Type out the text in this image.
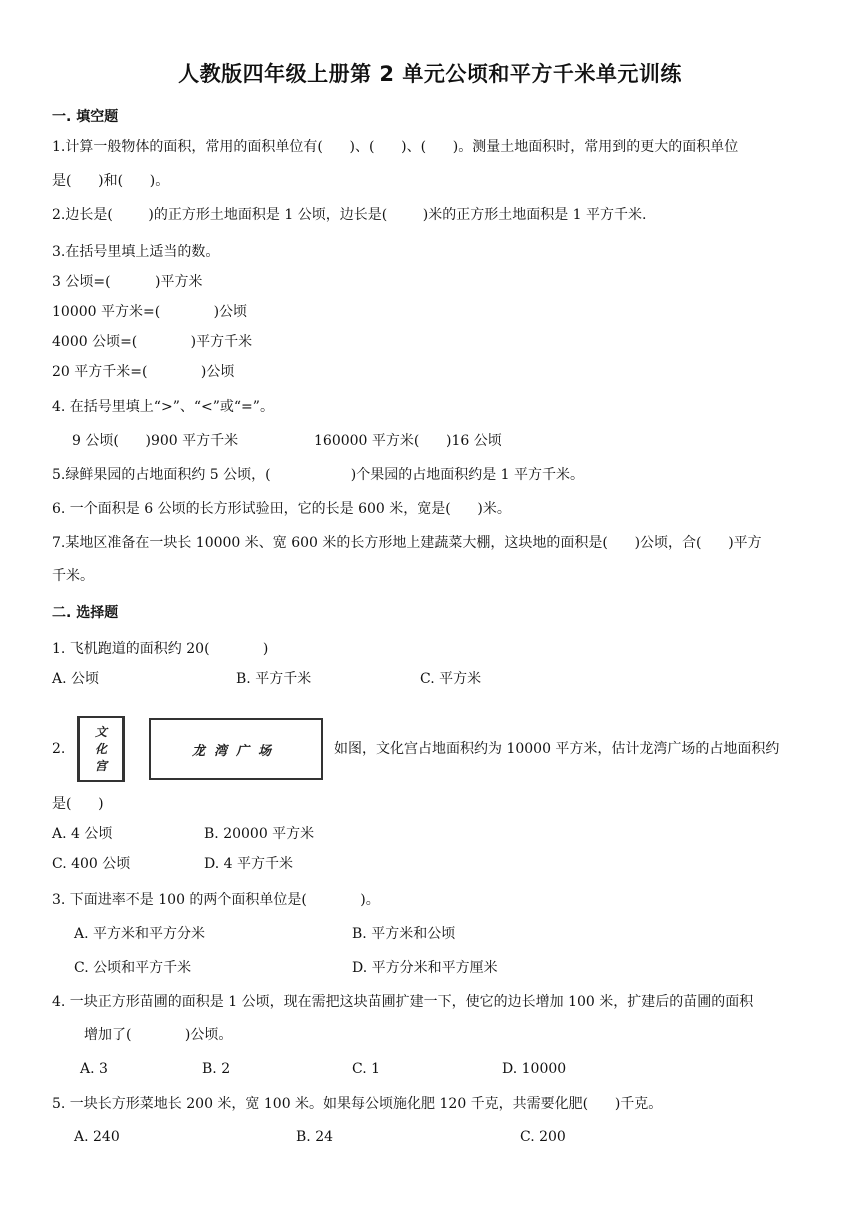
人教版四年级上册第 2 单元公顷和平方千米单元训练
一. 填空题
1.计算一般物体的面积，常用的面积单位有(      )、(      )、(      )。测量土地面积时，常用到的更大的面积单位
是(      )和(      )。
2.边长是(        )的正方形土地面积是 1 公顷，边长是(        )米的正方形土地面积是 1 平方千米.
3.在括号里填上适当的数。
3 公顷=(          )平方米
10000 平方米=(            )公顷
4000 公顷=(            )平方千米
20 平方千米=(            )公顷
4. 在括号里填上“>”、“<”或“=”。
9 公顷(      )900 平方千米	160000 平方米(      )16 公顷
5.绿鲜果园的占地面积约 5 公顷，(                  )个果园的占地面积约是 1 平方千米。
6. 一个面积是 6 公顷的长方形试验田，它的长是 600 米，宽是(      )米。
7.某地区准备在一块长 10000 米、宽 600 米的长方形地上建蔬菜大棚，这块地的面积是(      )公顷，合(      )平方
千米。
二. 选择题
1. 飞机跑道的面积约 20(            )
A. 公顷	B. 平方千米	C. 平方米
2.
文
化
宫
龙湾广场	如图，文化宫占地面积约为 10000 平方米，估计龙湾广场的占地面积约
是(      )
A. 4 公顷	B. 20000 平方米
C. 400 公顷	D. 4 平方千米
3. 下面进率不是 100 的两个面积单位是(            )。
A. 平方米和平方分米	B. 平方米和公顷
C. 公顷和平方千米	D. 平方分米和平方厘米
4. 一块正方形苗圃的面积是 1 公顷，现在需把这块苗圃扩建一下，使它的边长增加 100 米，扩建后的苗圃的面积
增加了(            )公顷。
A. 3	B. 2	C. 1	D. 10000
5. 一块长方形菜地长 200 米，宽 100 米。如果每公顷施化肥 120 千克，共需要化肥(      )千克。
A. 240	B. 24	C. 200
